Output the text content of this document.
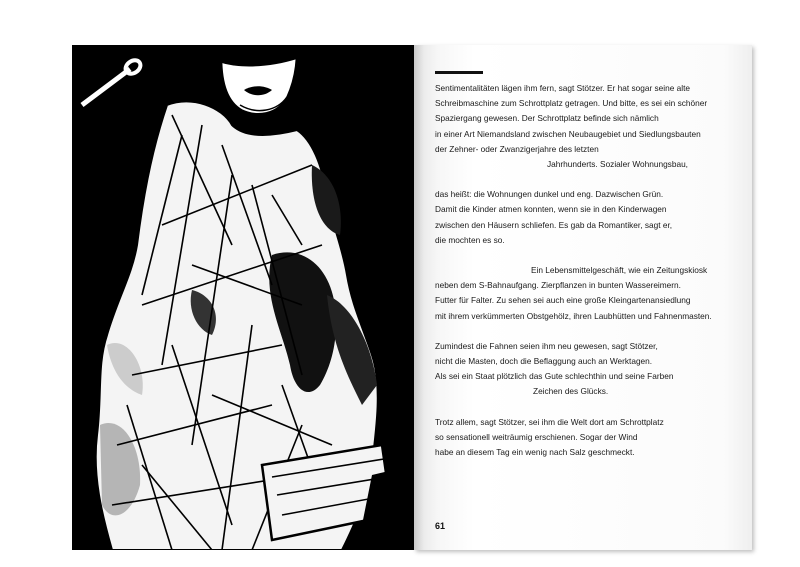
Sentimentalitäten lägen ihm fern, sagt Stötzer. Er hat sogar seine alte
Schreibmaschine zum Schrottplatz getragen. Und bitte, es sei ein schöner
Spaziergang gewesen. Der Schrottplatz befinde sich nämlich
in einer Art Niemandsland zwischen Neubaugebiet und Siedlungsbauten
der Zehner- oder Zwanzigerjahre des letzten
Jahrhunderts. Sozialer Wohnungsbau,

das heißt: die Wohnungen dunkel und eng. Dazwischen Grün.
Damit die Kinder atmen konnten, wenn sie in den Kinderwagen
zwischen den Häusern schliefen. Es gab da Romantiker, sagt er,
die mochten es so.

Ein Lebensmittelgeschäft, wie ein Zeitungskiosk
neben dem S-Bahnaufgang. Zierpflanzen in bunten Wassereimern.
Futter für Falter. Zu sehen sei auch eine große Kleingartenansiedlung
mit ihrem verkümmerten Obstgehölz, ihren Laubhütten und Fahnenmasten.

Zumindest die Fahnen seien ihm neu gewesen, sagt Stötzer,
nicht die Masten, doch die Beflaggung auch an Werktagen.
Als sei ein Staat plötzlich das Gute schlechthin und seine Farben
Zeichen des Glücks.

Trotz allem, sagt Stötzer, sei ihm die Welt dort am Schrottplatz
so sensationell weiträumig erschienen. Sogar der Wind
habe an diesem Tag ein wenig nach Salz geschmeckt.

61
